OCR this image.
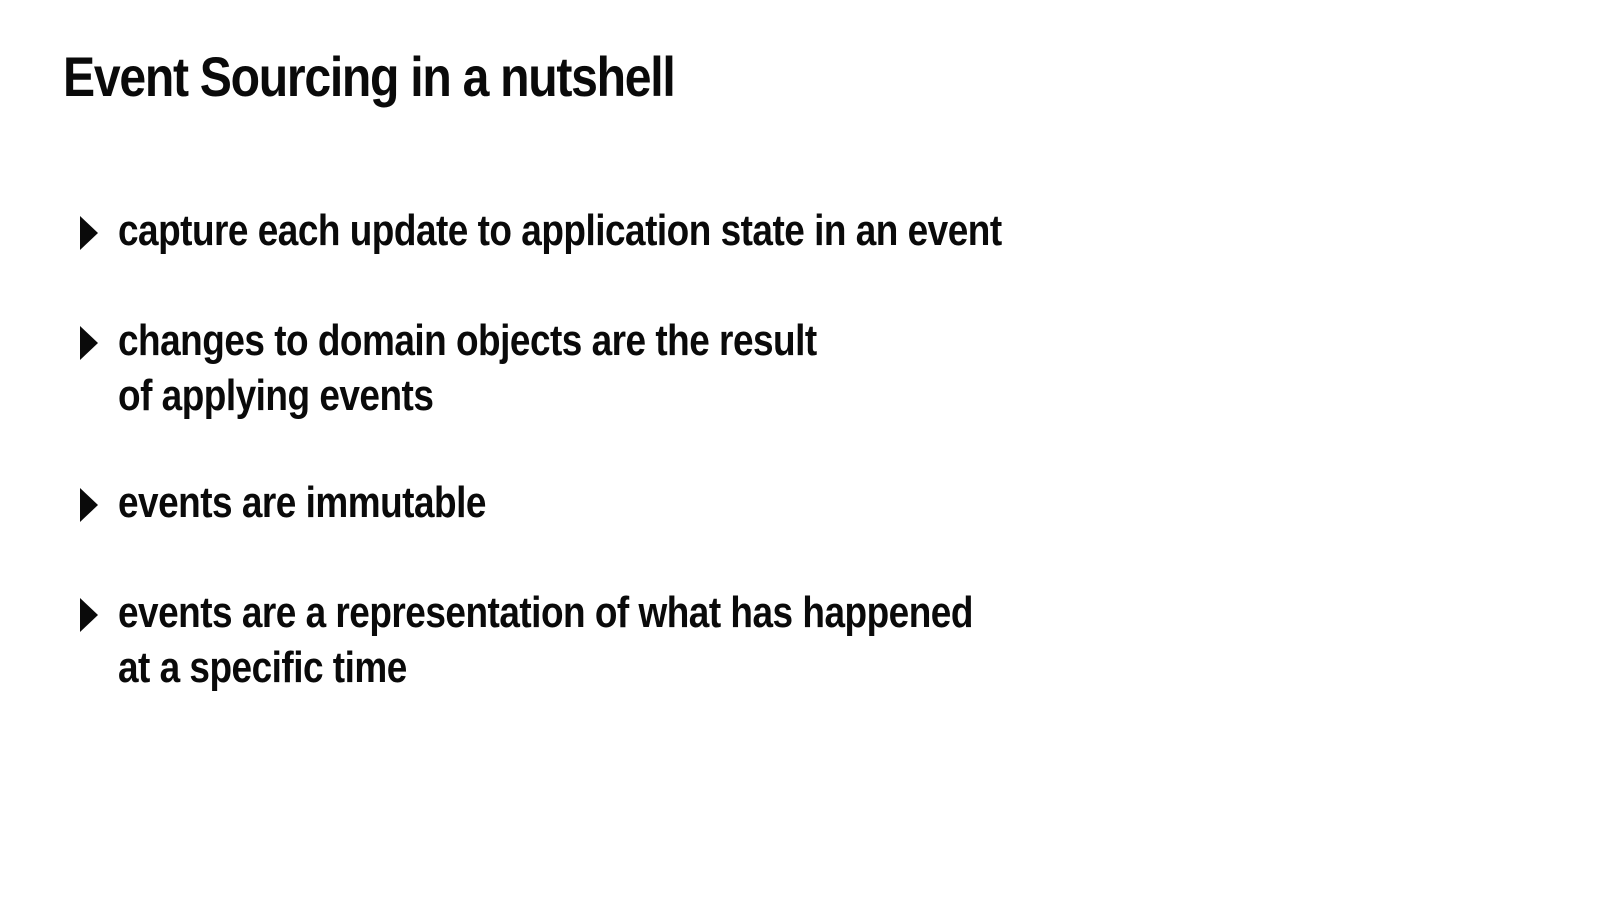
Event Sourcing in a nutshell
capture each update to application state in an event
changes to domain objects are the result
of applying events
events are immutable
events are a representation of what has happened
at a specific time
